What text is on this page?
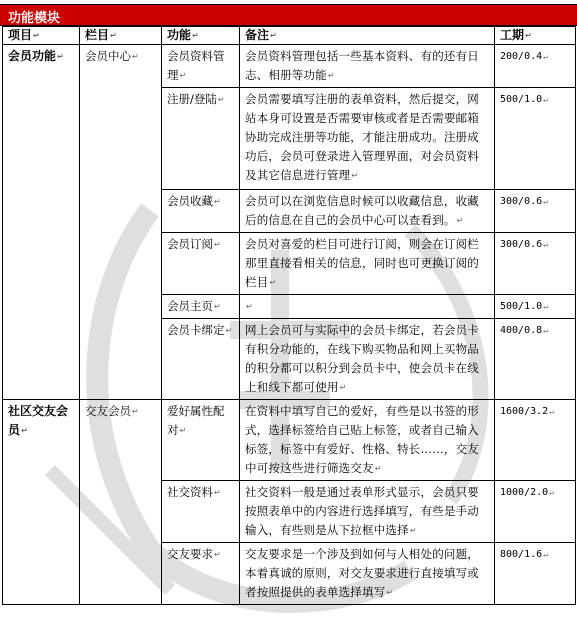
功能模块
项目↵	栏目↵	功能↵	备注↵	工期↵
会员功能↵	会员中心↵	会员资料管理↵	会员资料管理包括一些基本资料、有的还有日志、相册等功能↵	200/0.4↵
		注册/登陆↵	会员需要填写注册的表单资料，然后提交，网站本身可设置是否需要审核或者是否需要邮箱协助完成注册等功能，才能注册成功。注册成功后，会员可登录进入管理界面，对会员资料及其它信息进行管理↵	500/1.0↵
		会员收藏↵	会员可以在浏览信息时候可以收藏信息，收藏后的信息在自己的会员中心可以查看到。↵	300/0.6↵
		会员订阅↵	会员对喜爱的栏目可进行订阅，则会在订阅栏那里直接看相关的信息，同时也可更换订阅的栏目↵	300/0.6↵
		会员主页↵	↵	500/1.0↵
		会员卡绑定↵	网上会员可与实际中的会员卡绑定，若会员卡有积分功能的，在线下购买物品和网上买物品的积分都可以积分到会员卡中，使会员卡在线上和线下都可使用↵	400/0.8↵
社区交友会员↵	交友会员↵	爱好属性配对↵	在资料中填写自己的爱好，有些是以书签的形式，选择标签给自己贴上标签，或者自己输入标签，标签中有爱好、性格、特长……，交友中可按这些进行筛选交友↵	1600/3.2↵
		社交资料↵	社交资料一般是通过表单形式显示，会员只要按照表单中的内容进行选择填写，有些是手动输入，有些则是从下拉框中选择↵	1000/2.0↵
		交友要求↵	交友要求是一个涉及到如何与人相处的问题，本着真诚的原则，对交友要求进行直接填写或者按照提供的表单选择填写↵	800/1.6↵
